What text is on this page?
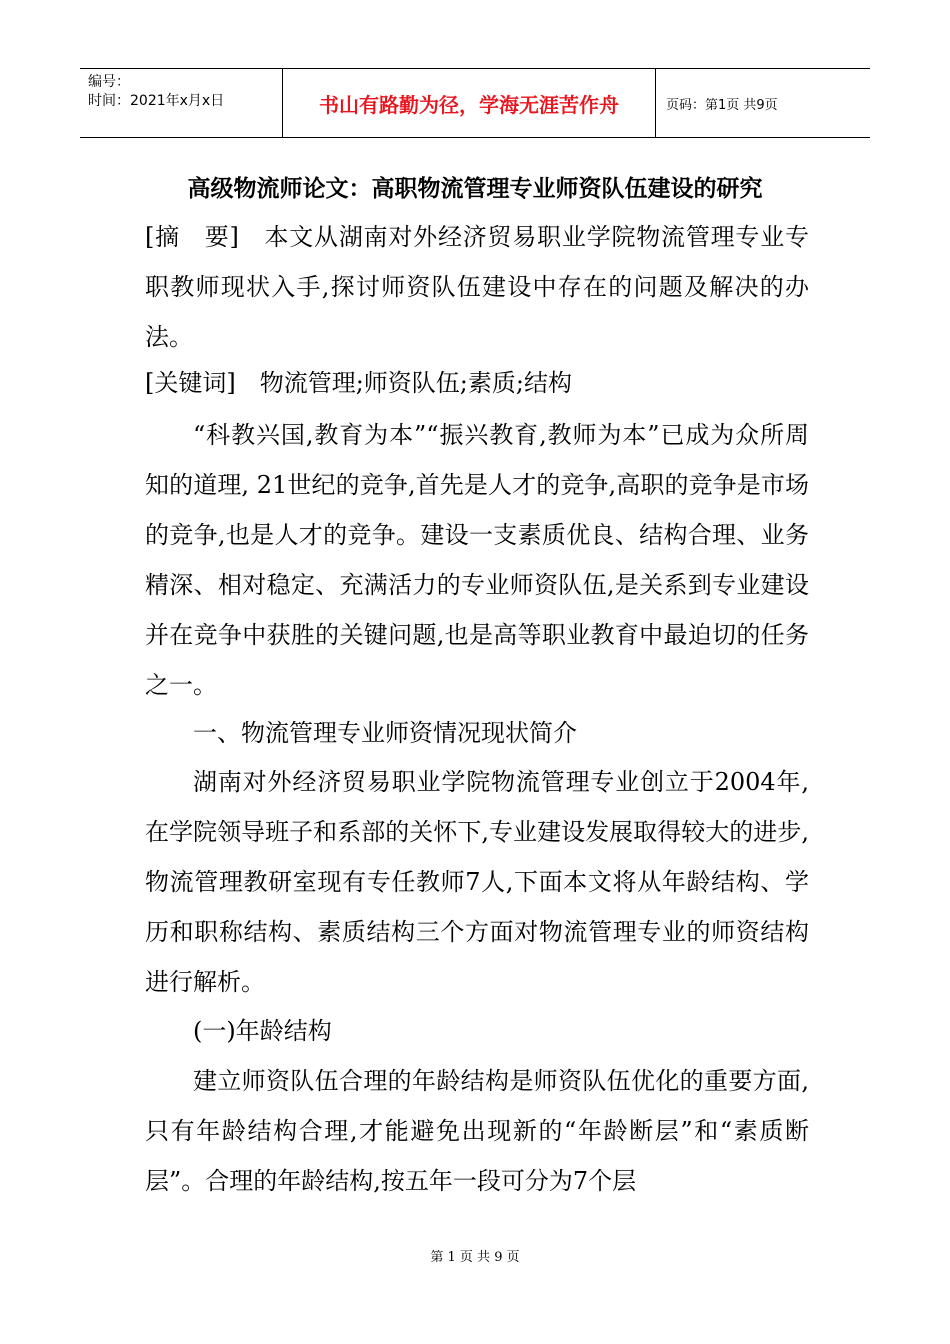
编号：
时间：2021年x月x日	书山有路勤为径，学海无涯苦作舟	页码：第1页 共9页
高级物流师论文：高职物流管理专业师资队伍建设的研究
[摘　要]　本文从湖南对外经济贸易职业学院物流管理专业专职教师现状入手,探讨师资队伍建设中存在的问题及解决的办法。
[关键词]　物流管理;师资队伍;素质;结构
“科教兴国,教育为本”“振兴教育,教师为本”已成为众所周知的道理, 21世纪的竞争,首先是人才的竞争,高职的竞争是市场的竞争,也是人才的竞争。建设一支素质优良、结构合理、业务精深、相对稳定、充满活力的专业师资队伍,是关系到专业建设并在竞争中获胜的关键问题,也是高等职业教育中最迫切的任务之一。
一、物流管理专业师资情况现状简介
湖南对外经济贸易职业学院物流管理专业创立于2004年,在学院领导班子和系部的关怀下,专业建设发展取得较大的进步,物流管理教研室现有专任教师7人,下面本文将从年龄结构、学历和职称结构、素质结构三个方面对物流管理专业的师资结构进行解析。
(一)年龄结构
建立师资队伍合理的年龄结构是师资队伍优化的重要方面,只有年龄结构合理,才能避免出现新的“年龄断层”和“素质断层”。合理的年龄结构,按五年一段可分为7个层
第 1 页 共 9 页
